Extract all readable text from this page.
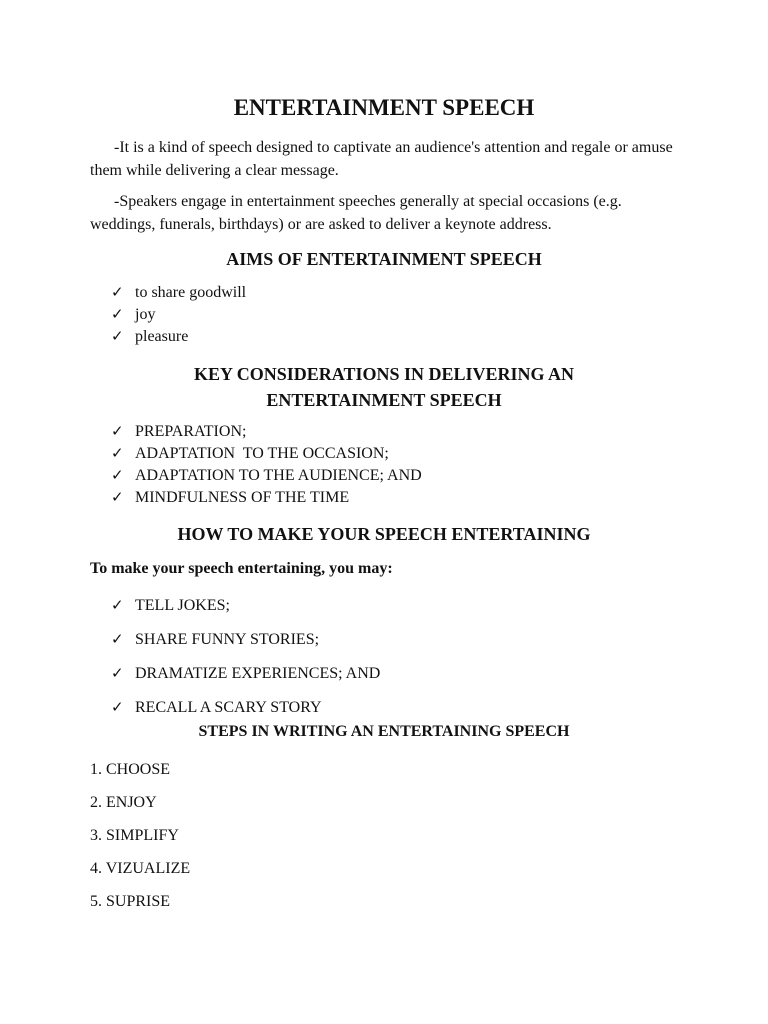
ENTERTAINMENT SPEECH

-It is a kind of speech designed to captivate an audience's attention and regale or amuse them while delivering a clear message.

-Speakers engage in entertainment speeches generally at special occasions (e.g. weddings, funerals, birthdays) or are asked to deliver a keynote address.

AIMS OF ENTERTAINMENT SPEECH
✓ to share goodwill
✓ joy
✓ pleasure
KEY CONSIDERATIONS IN DELIVERING AN
ENTERTAINMENT SPEECH
✓ PREPARATION;
✓ ADAPTATION  TO THE OCCASION;
✓ ADAPTATION TO THE AUDIENCE; AND
✓ MINDFULNESS OF THE TIME
HOW TO MAKE YOUR SPEECH ENTERTAINING

To make your speech entertaining, you may:

✓ TELL JOKES;
✓ SHARE FUNNY STORIES;
✓ DRAMATIZE EXPERIENCES; AND
✓ RECALL A SCARY STORY
STEPS IN WRITING AN ENTERTAINING SPEECH
1. CHOOSE
2. ENJOY
3. SIMPLIFY
4. VIZUALIZE
5. SUPRISE
